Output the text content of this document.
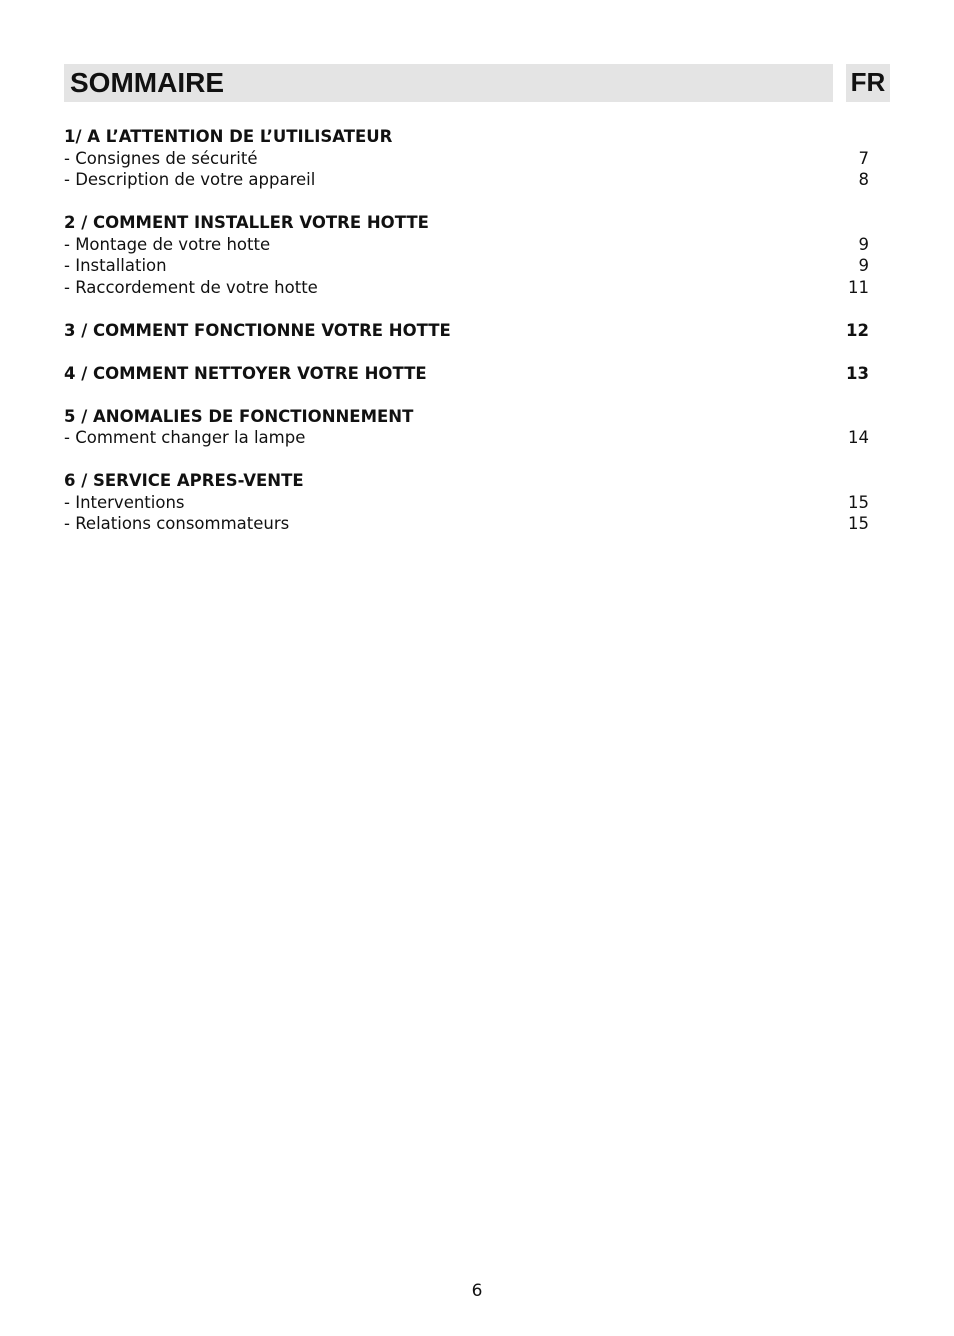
SOMMAIRE	FR
1/ A L’ATTENTION DE L’UTILISATEUR
- Consignes de sécurité	7
- Description de votre appareil	8
2 / COMMENT INSTALLER VOTRE HOTTE
- Montage de votre hotte	9
- Installation	9
- Raccordement de votre hotte	11
3 / COMMENT FONCTIONNE VOTRE HOTTE	12
4 / COMMENT NETTOYER VOTRE HOTTE	13
5 / ANOMALIES DE FONCTIONNEMENT
- Comment changer la lampe	14
6 / SERVICE APRES-VENTE
- Interventions	15
- Relations consommateurs	15
6
